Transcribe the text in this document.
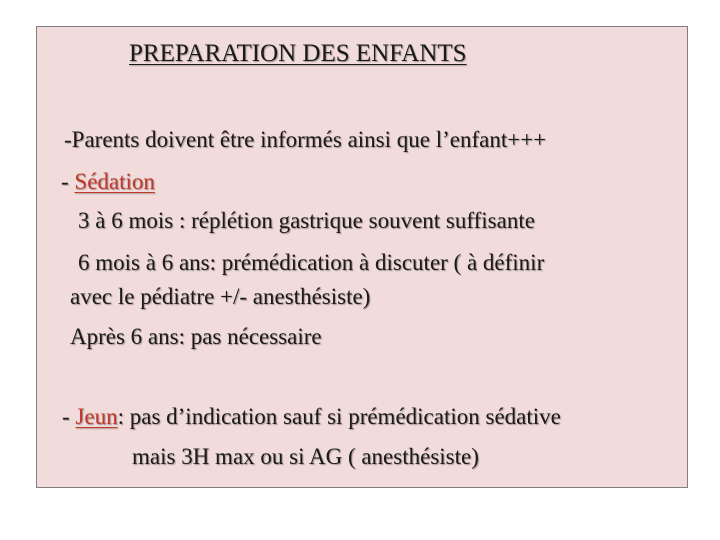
PREPARATION DES ENFANTS
-Parents doivent être informés ainsi que l’enfant+++
- Sédation
3 à 6 mois : réplétion gastrique souvent suffisante
6 mois à 6 ans: prémédication à discuter ( à définir
avec le pédiatre +/- anesthésiste)
Après 6 ans: pas nécessaire
- Jeun: pas d’indication sauf si prémédication sédative
mais 3H max ou si AG ( anesthésiste)
